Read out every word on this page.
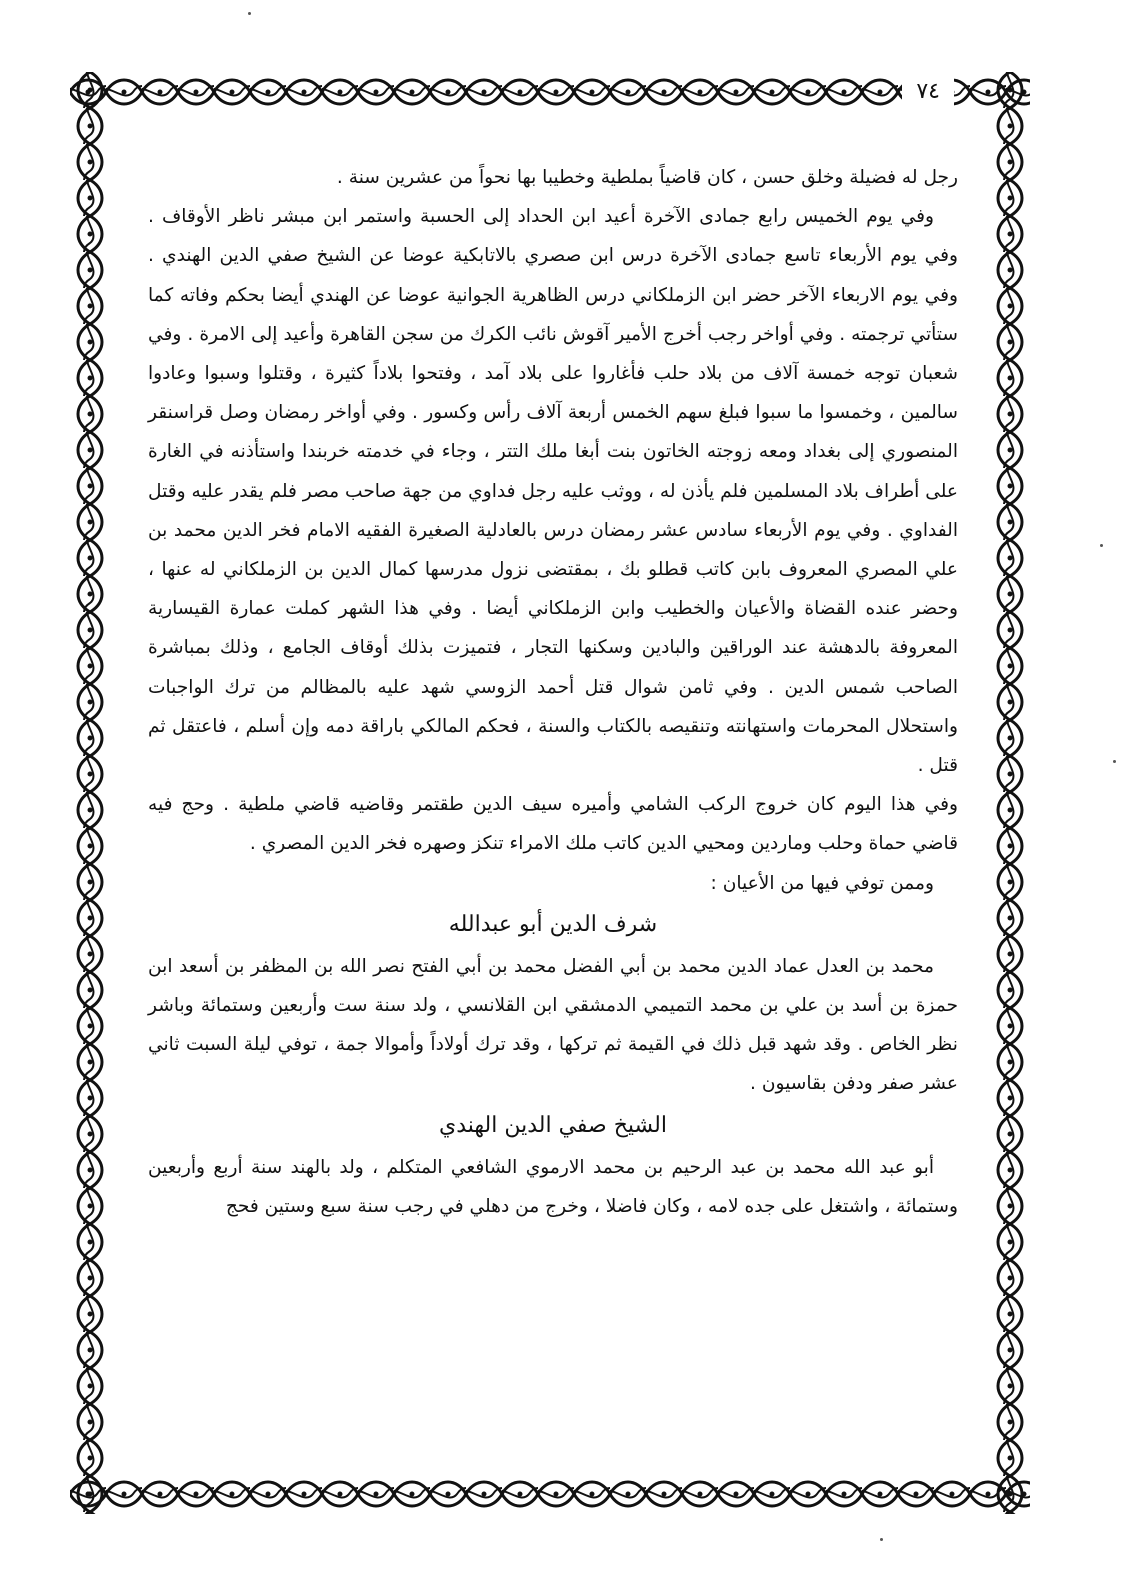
٧٤

رجل له فضيلة وخلق حسن ، كان قاضياً بملطية وخطيبا بها نحواً من عشرين سنة .

وفي يوم الخميس رابع جمادى الآخرة أعيد ابن الحداد إلى الحسبة واستمر ابن مبشر ناظر الأوقاف . وفي يوم الأربعاء تاسع جمادى الآخرة درس ابن صصري بالاتابكية عوضا عن الشيخ صفي الدين الهندي . وفي يوم الاربعاء الآخر حضر ابن الزملكاني درس الظاهرية الجوانية عوضا عن الهندي أيضا بحكم وفاته كما ستأتي ترجمته . وفي أواخر رجب أخرج الأمير آقوش نائب الكرك من سجن القاهرة وأعيد إلى الامرة . وفي شعبان توجه خمسة آلاف من بلاد حلب فأغاروا على بلاد آمد ، وفتحوا بلاداً كثيرة ، وقتلوا وسبوا وعادوا سالمين ، وخمسوا ما سبوا فبلغ سهم الخمس أربعة آلاف رأس وكسور . وفي أواخر رمضان وصل قراسنقر المنصوري إلى بغداد ومعه زوجته الخاتون بنت أبغا ملك التتر ، وجاء في خدمته خربندا واستأذنه في الغارة على أطراف بلاد المسلمين فلم يأذن له ، ووثب عليه رجل فداوي من جهة صاحب مصر فلم يقدر عليه وقتل الفداوي . وفي يوم الأربعاء سادس عشر رمضان درس بالعادلية الصغيرة الفقيه الامام فخر الدين محمد بن علي المصري المعروف بابن كاتب قطلو بك ، بمقتضى نزول مدرسها كمال الدين بن الزملكاني له عنها ، وحضر عنده القضاة والأعيان والخطيب وابن الزملكاني أيضا . وفي هذا الشهر كملت عمارة القيسارية المعروفة بالدهشة عند الوراقين والبادين وسكنها التجار ، فتميزت بذلك أوقاف الجامع ، وذلك بمباشرة الصاحب شمس الدين . وفي ثامن شوال قتل أحمد الزوسي شهد عليه بالمظالم من ترك الواجبات واستحلال المحرمات واستهانته وتنقيصه بالكتاب والسنة ، فحكم المالكي باراقة دمه وإن أسلم ، فاعتقل ثم قتل .

وفي هذا اليوم كان خروج الركب الشامي وأميره سيف الدين طقتمر وقاضيه قاضي ملطية . وحج فيه قاضي حماة وحلب وماردين ومحيي الدين كاتب ملك الامراء تنكز وصهره فخر الدين المصري .

وممن توفي فيها من الأعيان :

شرف الدين أبو عبدالله

محمد بن العدل عماد الدين محمد بن أبي الفضل محمد بن أبي الفتح نصر الله بن المظفر بن أسعد ابن حمزة بن أسد بن علي بن محمد التميمي الدمشقي ابن القلانسي ، ولد سنة ست وأربعين وستمائة وباشر نظر الخاص . وقد شهد قبل ذلك في القيمة ثم تركها ، وقد ترك أولاداً وأموالا جمة ، توفي ليلة السبت ثاني عشر صفر ودفن بقاسيون .

الشيخ صفي الدين الهندي

أبو عبد الله محمد بن عبد الرحيم بن محمد الارموي الشافعي المتكلم ، ولد بالهند سنة أربع وأربعين وستمائة ، واشتغل على جده لامه ، وكان فاضلا ، وخرج من دهلي في رجب سنة سبع وستين فحج
